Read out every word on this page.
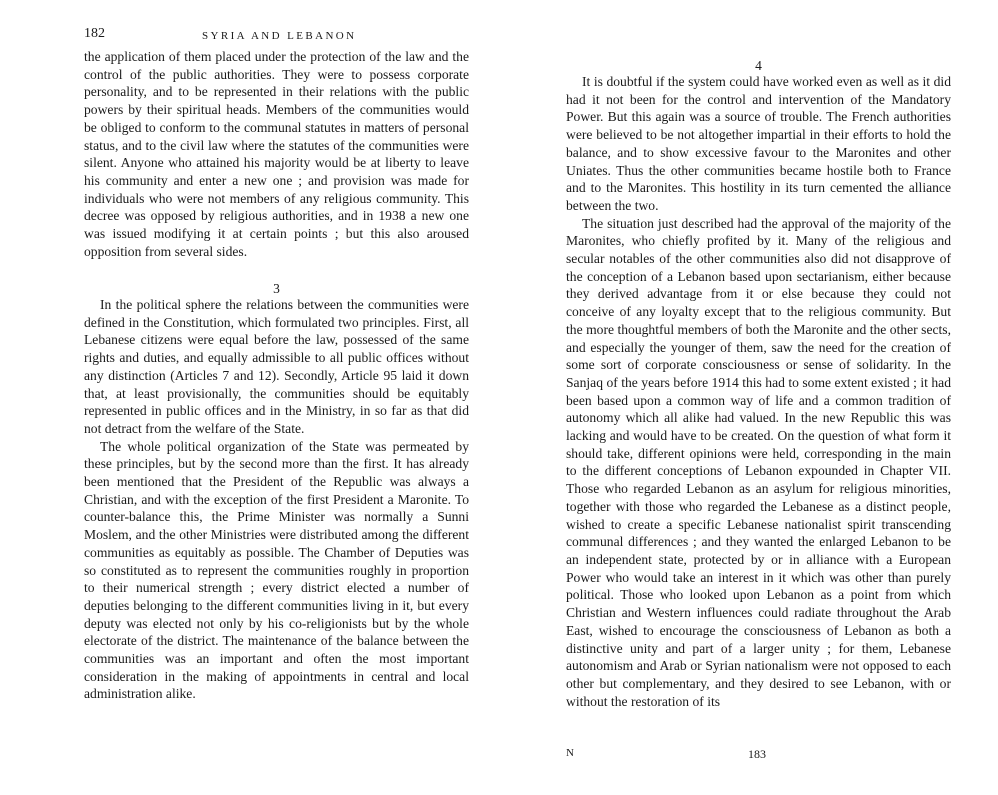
182	SYRIA AND LEBANON

the application of them placed under the protection of the law and the control of the public authorities. They were to possess corporate personality, and to be represented in their relations with the public powers by their spiritual heads. Members of the communities would be obliged to conform to the communal statutes in matters of personal status, and to the civil law where the statutes of the communities were silent. Anyone who attained his majority would be at liberty to leave his community and enter a new one ; and provision was made for individuals who were not members of any religious community. This decree was opposed by religious authorities, and in 1938 a new one was issued modifying it at certain points ; but this also aroused opposition from several sides.

3

In the political sphere the relations between the communities were defined in the Constitution, which formulated two principles. First, all Lebanese citizens were equal before the law, possessed of the same rights and duties, and equally admissible to all public offices without any distinction (Articles 7 and 12). Secondly, Article 95 laid it down that, at least provisionally, the communities should be equitably represented in public offices and in the Ministry, in so far as that did not detract from the welfare of the State.

The whole political organization of the State was permeated by these principles, but by the second more than the first. It has already been mentioned that the President of the Republic was always a Christian, and with the exception of the first President a Maronite. To counter-balance this, the Prime Minister was normally a Sunni Moslem, and the other Ministries were distributed among the different communities as equitably as possible. The Chamber of Deputies was so constituted as to represent the communities roughly in proportion to their numerical strength ; every district elected a number of deputies belonging to the different communities living in it, but every deputy was elected not only by his co-religionists but by the whole electorate of the district. The maintenance of the balance between the communities was an important and often the most important consideration in the making of appointments in central and local administration alike.

4

It is doubtful if the system could have worked even as well as it did had it not been for the control and intervention of the Mandatory Power. But this again was a source of trouble. The French authorities were believed to be not altogether impartial in their efforts to hold the balance, and to show excessive favour to the Maronites and other Uniates. Thus the other communities became hostile both to France and to the Maronites. This hostility in its turn cemented the alliance between the two.

The situation just described had the approval of the majority of the Maronites, who chiefly profited by it. Many of the religious and secular notables of the other communities also did not disapprove of the conception of a Lebanon based upon sectarianism, either because they derived advantage from it or else because they could not conceive of any loyalty except that to the religious community. But the more thoughtful members of both the Maronite and the other sects, and especially the younger of them, saw the need for the creation of some sort of corporate consciousness or sense of solidarity. In the Sanjaq of the years before 1914 this had to some extent existed ; it had been based upon a common way of life and a common tradition of autonomy which all alike had valued. In the new Republic this was lacking and would have to be created. On the question of what form it should take, different opinions were held, corresponding in the main to the different conceptions of Lebanon expounded in Chapter VII. Those who regarded Lebanon as an asylum for religious minorities, together with those who regarded the Lebanese as a distinct people, wished to create a specific Lebanese nationalist spirit transcending communal differences ; and they wanted the enlarged Lebanon to be an independent state, protected by or in alliance with a European Power who would take an interest in it which was other than purely political. Those who looked upon Lebanon as a point from which Christian and Western influences could radiate throughout the Arab East, wished to encourage the consciousness of Lebanon as both a distinctive unity and part of a larger unity ; for them, Lebanese autonomism and Arab or Syrian nationalism were not opposed to each other but complementary, and they desired to see Lebanon, with or without the restoration of its

N	183
